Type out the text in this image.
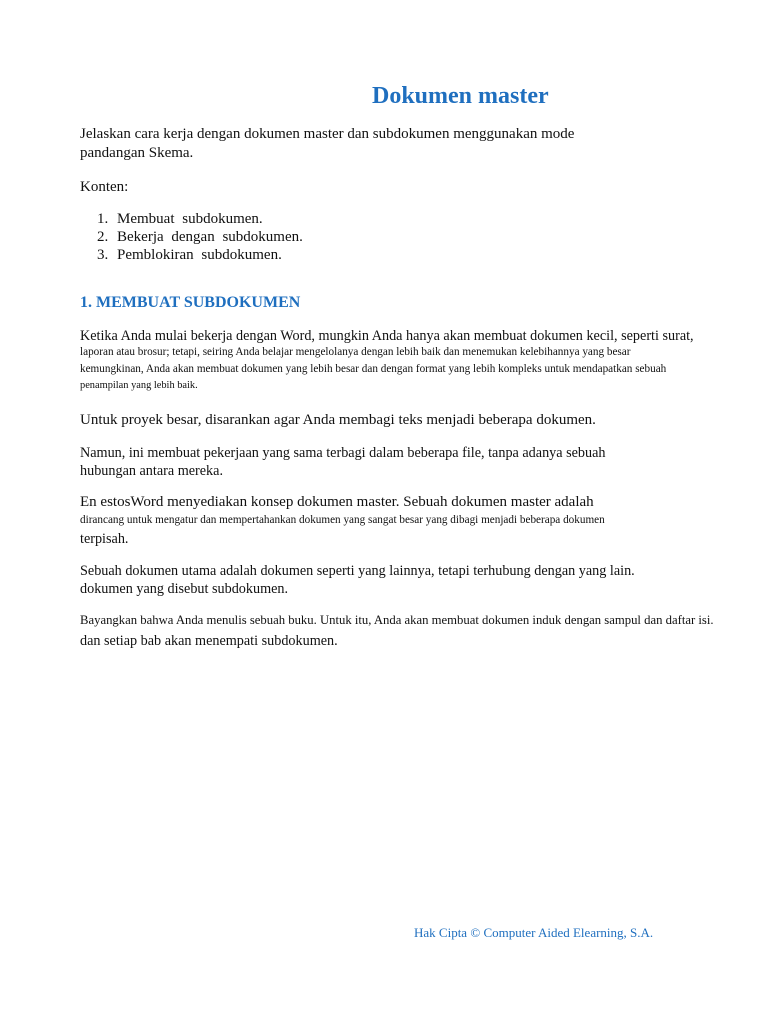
Dokumen master

Jelaskan cara kerja dengan dokumen master dan subdokumen menggunakan mode

pandangan Skema.

Konten:

1. Membuat subdokumen.
2. Bekerja dengan subdokumen.
3. Pemblokiran subdokumen.
1. MEMBUAT SUBDOKUMEN

Ketika Anda mulai bekerja dengan Word, mungkin Anda hanya akan membuat dokumen kecil, seperti surat,

laporan atau brosur; tetapi, seiring Anda belajar mengelolanya dengan lebih baik dan menemukan kelebihannya yang besar

kemungkinan, Anda akan membuat dokumen yang lebih besar dan dengan format yang lebih kompleks untuk mendapatkan sebuah

penampilan yang lebih baik.

Untuk proyek besar, disarankan agar Anda membagi teks menjadi beberapa dokumen.

Namun, ini membuat pekerjaan yang sama terbagi dalam beberapa file, tanpa adanya sebuah

hubungan antara mereka.

En estosWord menyediakan konsep dokumen master. Sebuah dokumen master adalah

dirancang untuk mengatur dan mempertahankan dokumen yang sangat besar yang dibagi menjadi beberapa dokumen

terpisah.

Sebuah dokumen utama adalah dokumen seperti yang lainnya, tetapi terhubung dengan yang lain.

dokumen yang disebut subdokumen.

Bayangkan bahwa Anda menulis sebuah buku. Untuk itu, Anda akan membuat dokumen induk dengan sampul dan daftar isi.

dan setiap bab akan menempati subdokumen.

Hak Cipta © Computer Aided Elearning, S.A.
